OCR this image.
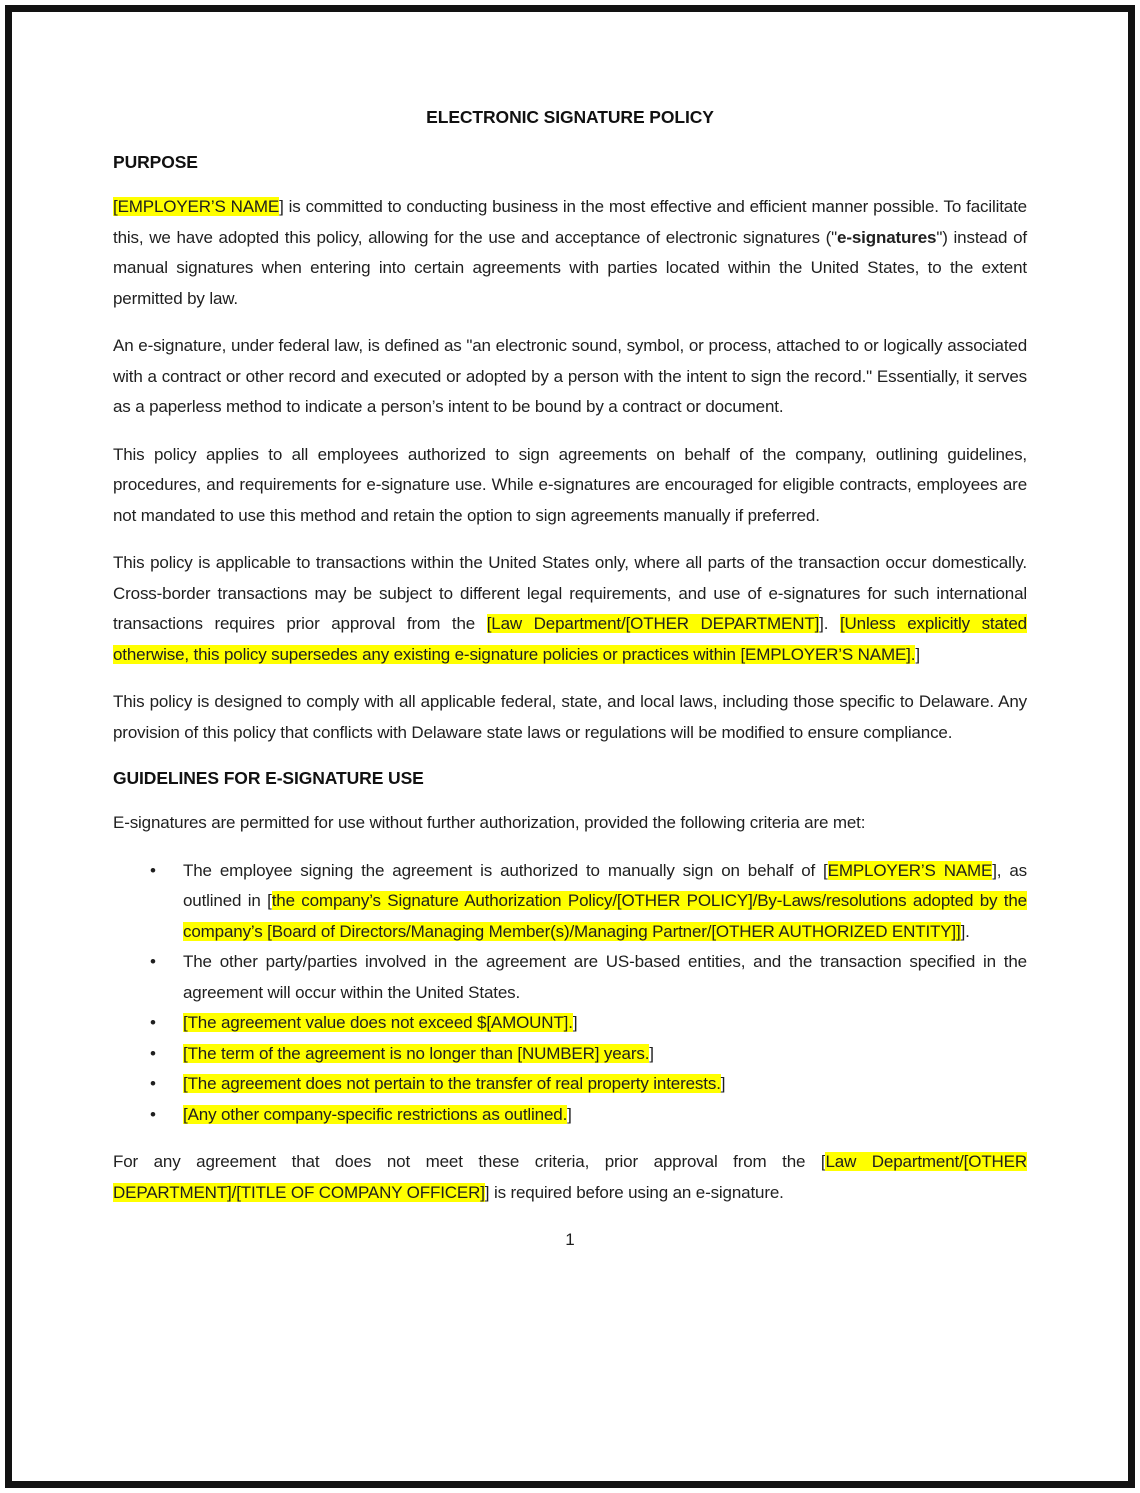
ELECTRONIC SIGNATURE POLICY
PURPOSE

[EMPLOYER’S NAME] is committed to conducting business in the most effective and efficient manner possible. To facilitate this, we have adopted this policy, allowing for the use and acceptance of electronic signatures ("e-signatures") instead of manual signatures when entering into certain agreements with parties located within the United States, to the extent permitted by law.

An e-signature, under federal law, is defined as "an electronic sound, symbol, or process, attached to or logically associated with a contract or other record and executed or adopted by a person with the intent to sign the record." Essentially, it serves as a paperless method to indicate a person’s intent to be bound by a contract or document.

This policy applies to all employees authorized to sign agreements on behalf of the company, outlining guidelines, procedures, and requirements for e-signature use. While e-signatures are encouraged for eligible contracts, employees are not mandated to use this method and retain the option to sign agreements manually if preferred.

This policy is applicable to transactions within the United States only, where all parts of the transaction occur domestically. Cross-border transactions may be subject to different legal requirements, and use of e-signatures for such international transactions requires prior approval from the [Law Department/[OTHER DEPARTMENT]]. [Unless explicitly stated otherwise, this policy supersedes any existing e-signature policies or practices within [EMPLOYER’S NAME].]

This policy is designed to comply with all applicable federal, state, and local laws, including those specific to Delaware. Any provision of this policy that conflicts with Delaware state laws or regulations will be modified to ensure compliance.

GUIDELINES FOR E-SIGNATURE USE

E-signatures are permitted for use without further authorization, provided the following criteria are met:

• The employee signing the agreement is authorized to manually sign on behalf of [EMPLOYER’S NAME], as outlined in [the company’s Signature Authorization Policy/[OTHER POLICY]/By-Laws/resolutions adopted by the company’s [Board of Directors/Managing Member(s)/Managing Partner/[OTHER AUTHORIZED ENTITY]]].
• The other party/parties involved in the agreement are US-based entities, and the transaction specified in the agreement will occur within the United States.
• [The agreement value does not exceed $[AMOUNT].]
• [The term of the agreement is no longer than [NUMBER] years.]
• [The agreement does not pertain to the transfer of real property interests.]
• [Any other company-specific restrictions as outlined.]

For any agreement that does not meet these criteria, prior approval from the [Law Department/[OTHER DEPARTMENT]/[TITLE OF COMPANY OFFICER]] is required before using an e-signature.

1
